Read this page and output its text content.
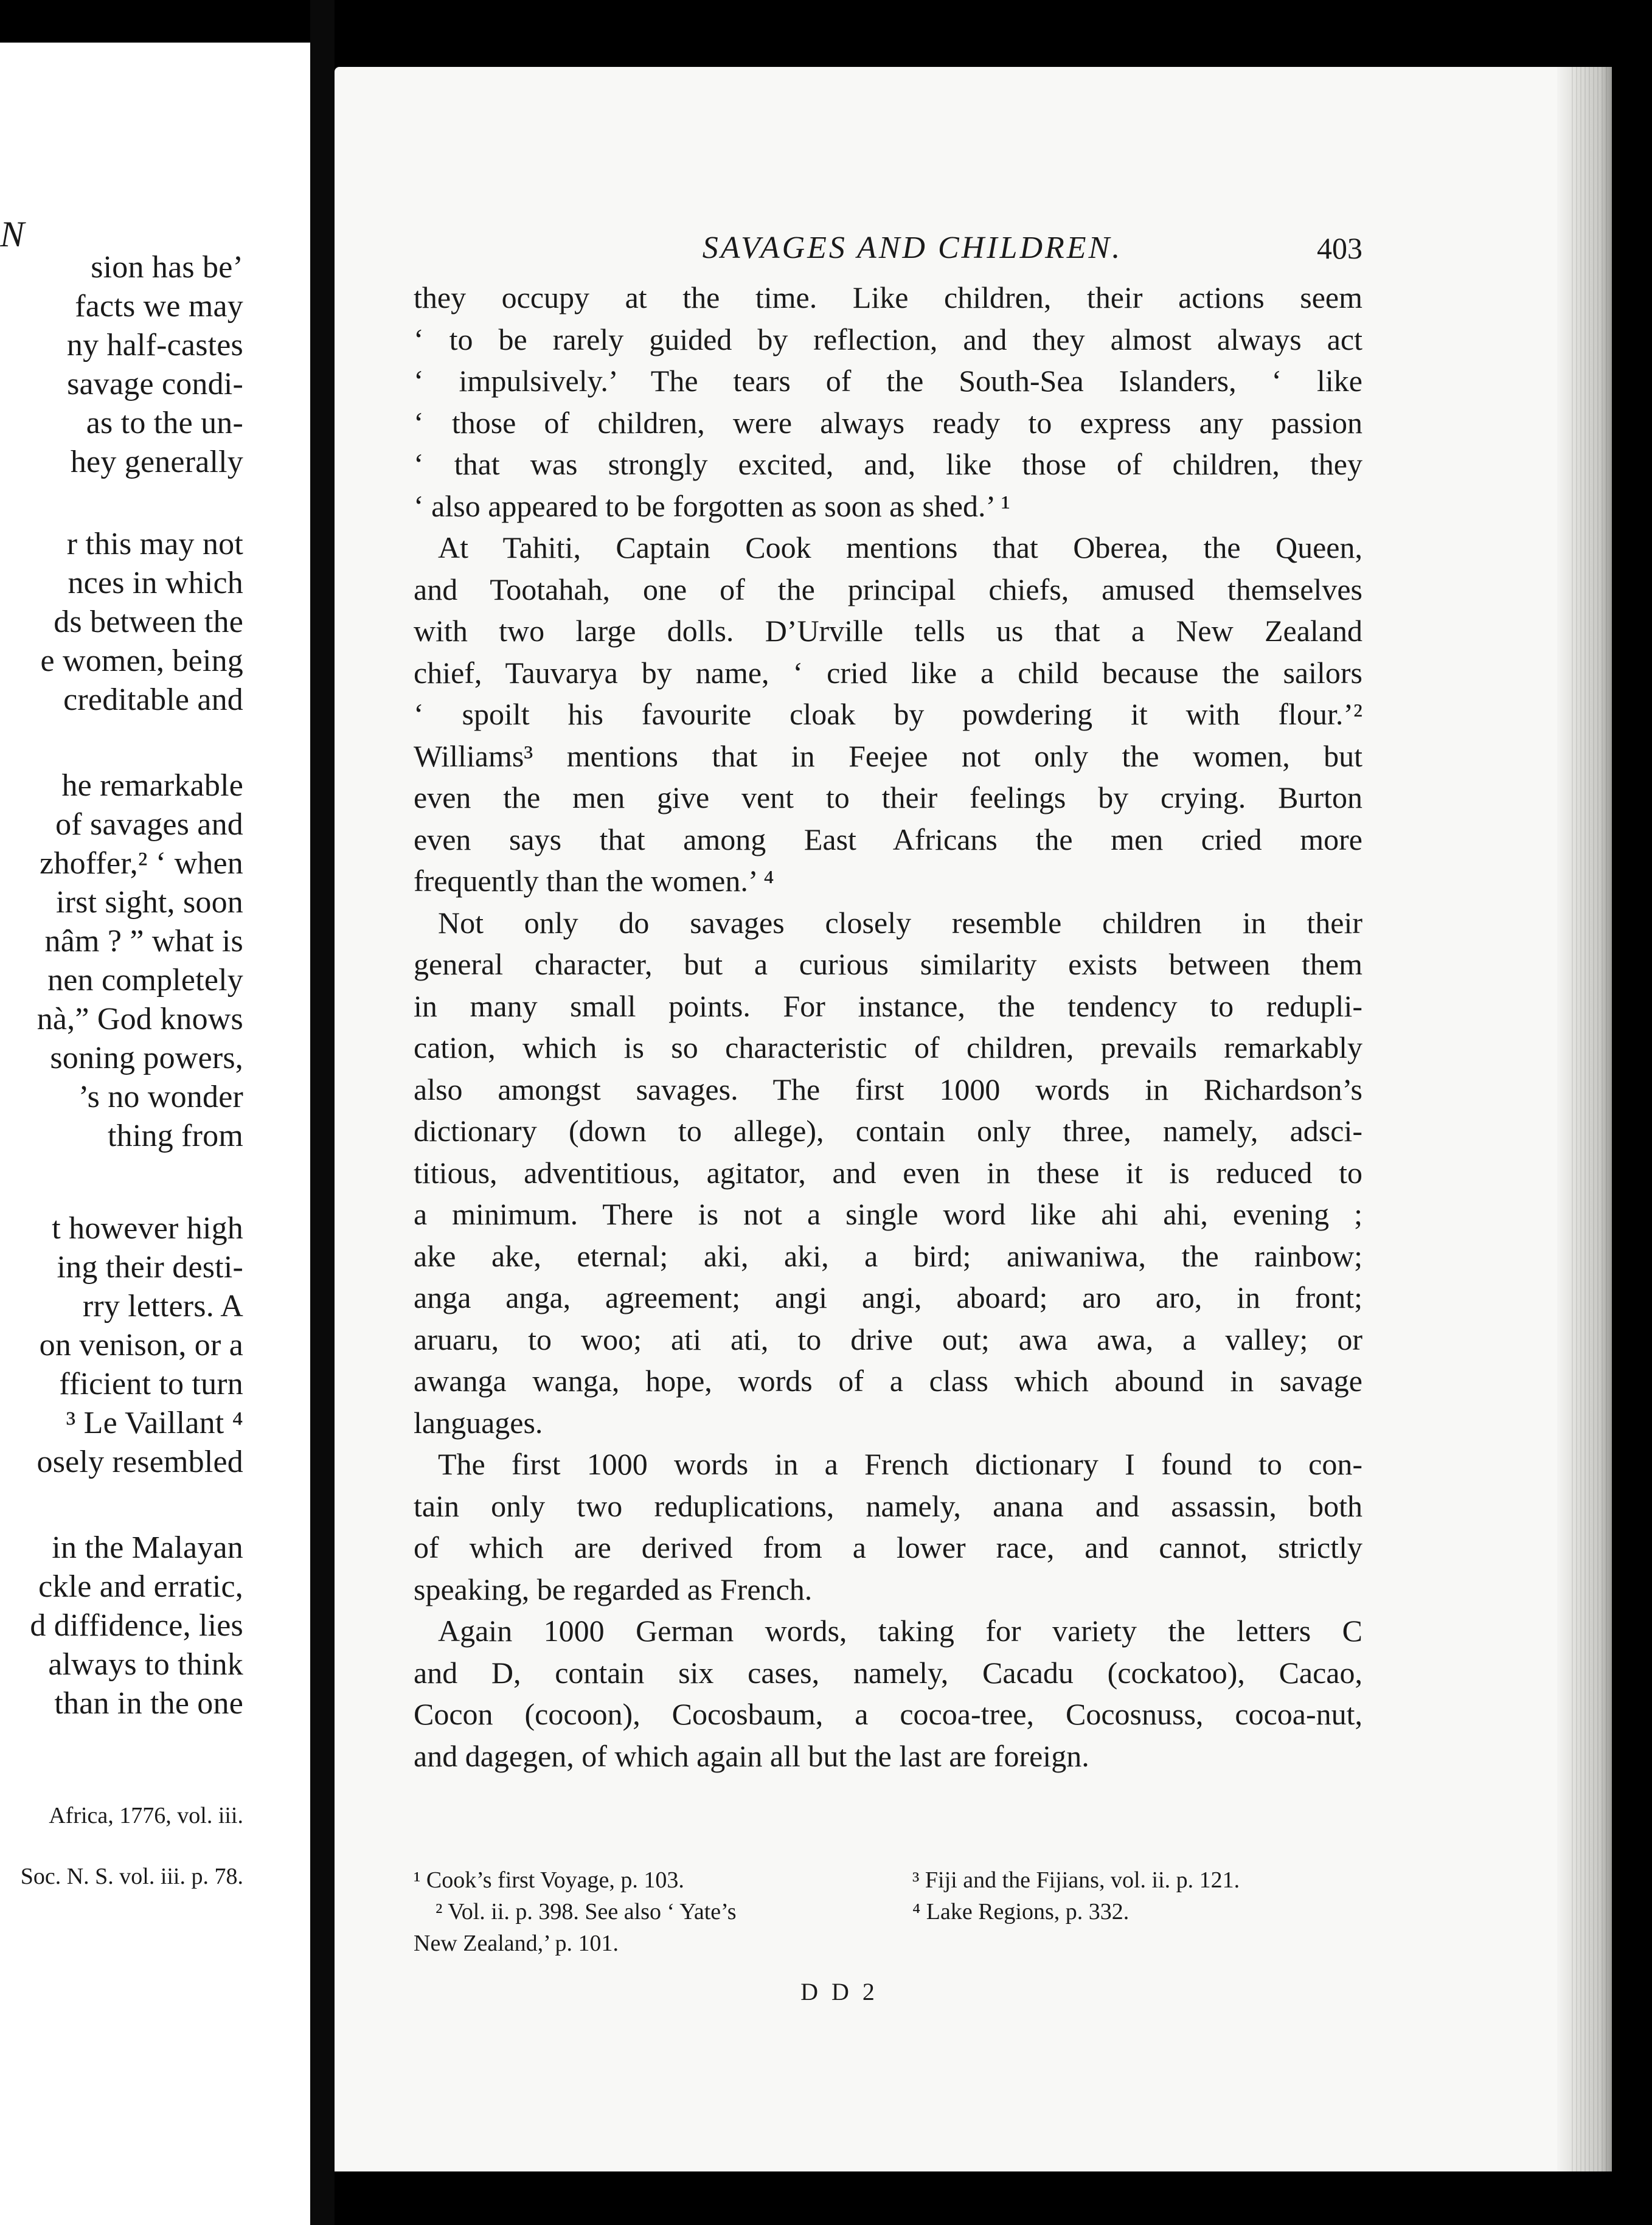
N
sion has be’
facts we may
ny half-castes
savage condi-
as to the un-
hey generally
r this may not
nces in which
ds between the
e women, being
creditable and
he remarkable
of savages and
zhoffer,² ‘ when
irst sight, soon
nâm ? ” what is
nen completely
nà,” God knows
soning powers,
’s no wonder
thing from
t however high
ing their desti-
rry letters. A
on venison, or a
fficient to turn
³ Le Vaillant ⁴
osely resembled
in the Malayan
ckle and erratic,
d diffidence, lies
always to think
than in the one
Africa, 1776, vol. iii.
Soc. N. S. vol. iii. p. 78.
SAVAGES AND CHILDREN.	403
they occupy at the time. Like children, their actions seem
‘ to be rarely guided by reflection, and they almost always act
‘ impulsively.’ The tears of the South-Sea Islanders, ‘ like
‘ those of children, were always ready to express any passion
‘ that was strongly excited, and, like those of children, they
‘ also appeared to be forgotten as soon as shed.’ ¹
At Tahiti, Captain Cook mentions that Oberea, the Queen,
and Tootahah, one of the principal chiefs, amused themselves
with two large dolls. D’Urville tells us that a New Zealand
chief, Tauvarya by name, ‘ cried like a child because the sailors
‘ spoilt his favourite cloak by powdering it with flour.’²
Williams³ mentions that in Feejee not only the women, but
even the men give vent to their feelings by crying. Burton
even says that among East Africans the men cried more
frequently than the women.’ ⁴
Not only do savages closely resemble children in their
general character, but a curious similarity exists between them
in many small points. For instance, the tendency to redupli-
cation, which is so characteristic of children, prevails remarkably
also amongst savages. The first 1000 words in Richardson’s
dictionary (down to allege), contain only three, namely, adsci-
titious, adventitious, agitator, and even in these it is reduced to
a minimum. There is not a single word like ahi ahi, evening ;
ake ake, eternal; aki, aki, a bird; aniwaniwa, the rainbow;
anga anga, agreement; angi angi, aboard; aro aro, in front;
aruaru, to woo; ati ati, to drive out; awa awa, a valley; or
awanga wanga, hope, words of a class which abound in savage
languages.
The first 1000 words in a French dictionary I found to con-
tain only two reduplications, namely, anana and assassin, both
of which are derived from a lower race, and cannot, strictly
speaking, be regarded as French.
Again 1000 German words, taking for variety the letters C
and D, contain six cases, namely, Cacadu (cockatoo), Cacao,
Cocon (cocoon), Cocosbaum, a cocoa-tree, Cocosnuss, cocoa-nut,
and dagegen, of which again all but the last are foreign.
¹ Cook’s first Voyage, p. 103.
² Vol. ii. p. 398. See also ‘ Yate’s
New Zealand,’ p. 101.
³ Fiji and the Fijians, vol. ii. p. 121.
⁴ Lake Regions, p. 332.
D D 2
